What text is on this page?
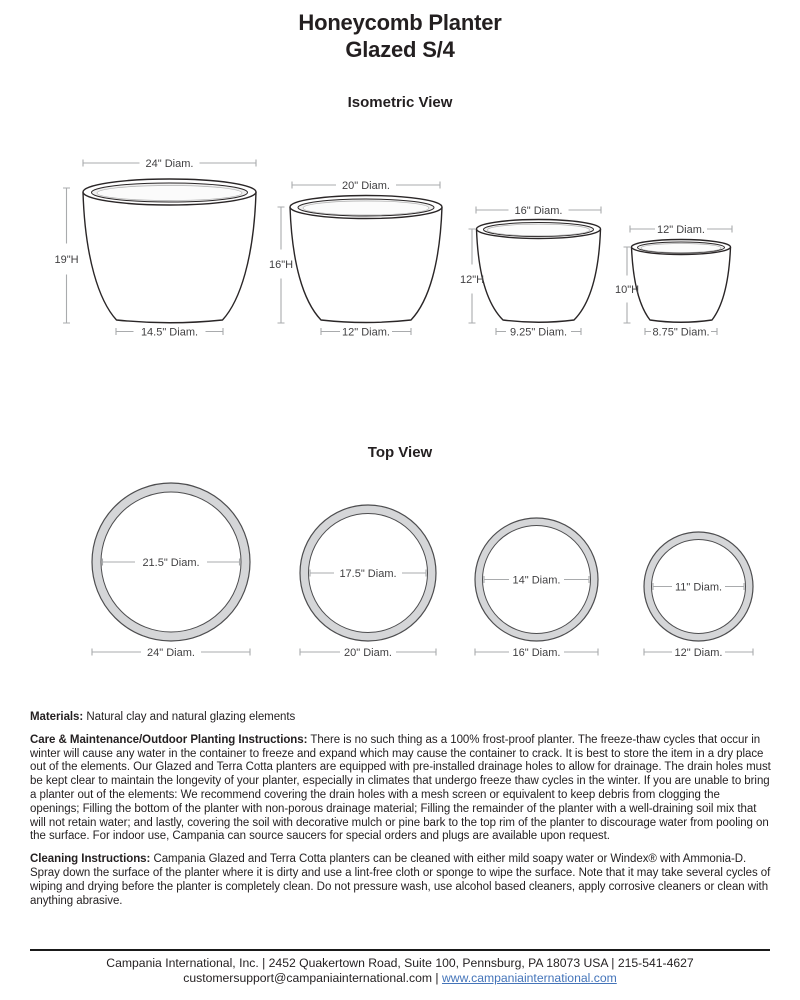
Honeycomb Planter
Glazed S/4
Isometric View
24" Diam.
19"H
14.5" Diam.
20" Diam.
16"H
12" Diam.
16" Diam.
12"H
9.25" Diam.
12" Diam.
10"H
8.75" Diam.
Top View
21.5" Diam.
24" Diam.
17.5" Diam.
20" Diam.
14" Diam.
16" Diam.
11" Diam.
12" Diam.

Materials: Natural clay and natural glazing elements

Care & Maintenance/Outdoor Planting Instructions: There is no such thing as a 100% frost-proof planter. The freeze-thaw cycles that occur in winter will cause any water in the container to freeze and expand which may cause the container to crack. It is best to store the item in a dry place out of the elements. Our Glazed and Terra Cotta planters are equipped with pre-installed drainage holes to allow for drainage. The drain holes must be kept clear to maintain the longevity of your planter, especially in climates that undergo freeze thaw cycles in the winter. If you are unable to bring a planter out of the elements: We recommend covering the drain holes with a mesh screen or equivalent to keep debris from clogging the openings; Filling the bottom of the planter with non-porous drainage material; Filling the remainder of the planter with a well-draining soil mix that will not retain water; and lastly, covering the soil with decorative mulch or pine bark to the top rim of the planter to discourage water from pooling on the surface. For indoor use, Campania can source saucers for special orders and plugs are available upon request.

Cleaning Instructions: Campania Glazed and Terra Cotta planters can be cleaned with either mild soapy water or Windex® with Ammonia-D. Spray down the surface of the planter where it is dirty and use a lint-free cloth or sponge to wipe the surface. Note that it may take several cycles of wiping and drying before the planter is completely clean. Do not pressure wash, use alcohol based cleaners, apply corrosive cleaners or clean with anything abrasive.

Campania International, Inc. | 2452 Quakertown Road, Suite 100, Pennsburg, PA 18073 USA | 215-541-4627
customersupport@campaniainternational.com | www.campaniainternational.com
